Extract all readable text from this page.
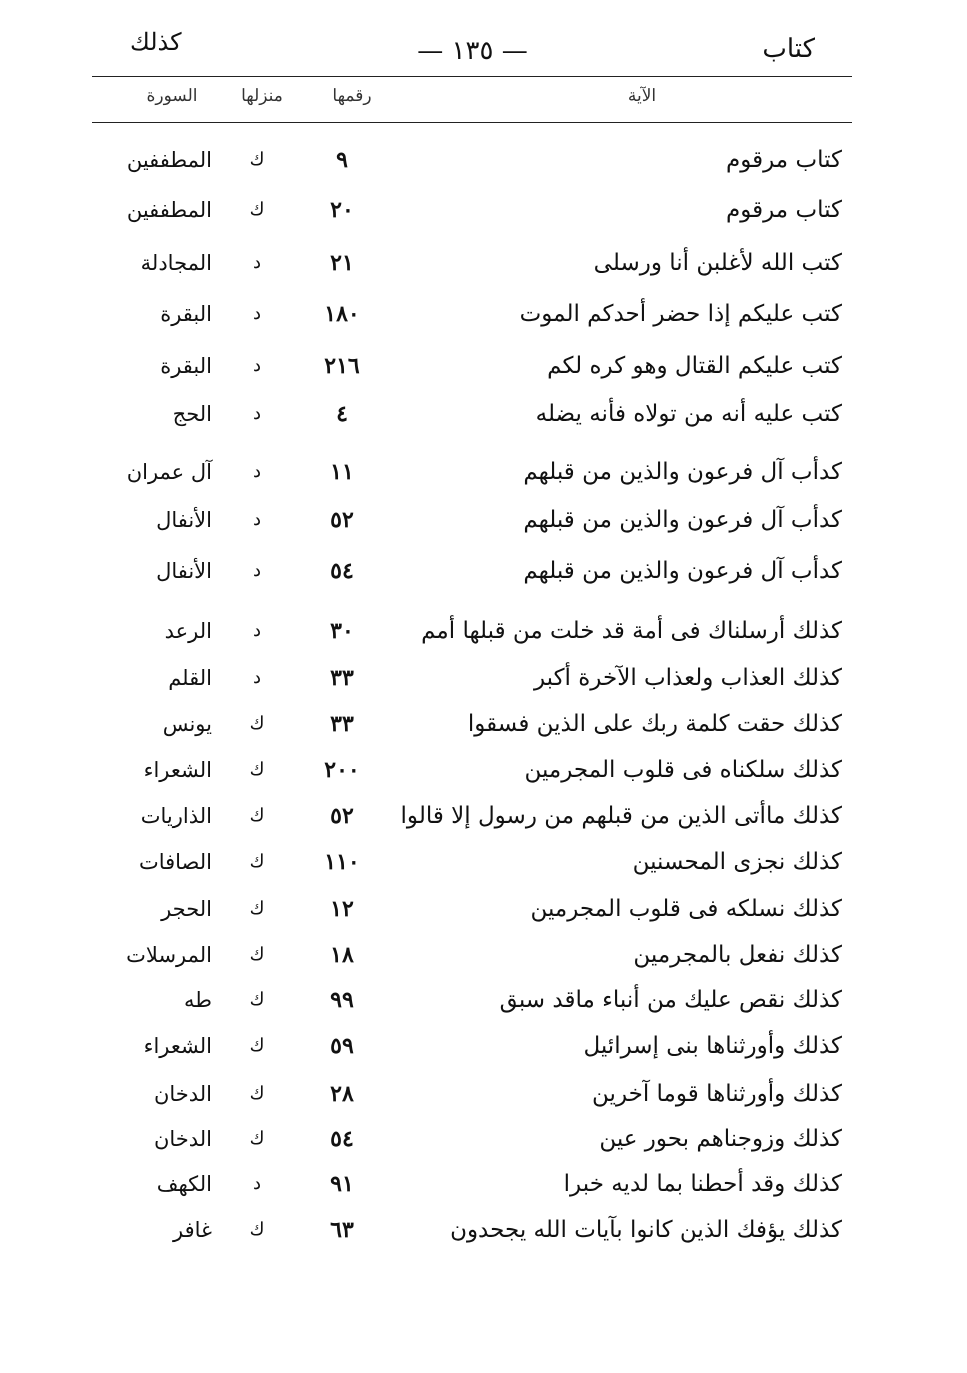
كتاب
— ١٣٥ —
كذلك
الآية
رقمها
منزلها
السورة
كتاب مرقوم
٩
ك
المطففين
كتاب مرقوم
٢٠
ك
المطففين
كتب الله لأغلبن أنا ورسلى
٢١
د
المجادلة
كتب عليكم إذا حضر أحدكم الموت
١٨٠
د
البقرة
كتب عليكم القتال وهو كره لكم
٢١٦
د
البقرة
كتب عليه أنه من تولاه فأنه يضله
٤
د
الحج
كدأب آل فرعون والذين من قبلهم
١١
د
آل عمران
كدأب آل فرعون والذين من قبلهم
٥٢
د
الأنفال
كدأب آل فرعون والذين من قبلهم
٥٤
د
الأنفال
كذلك أرسلناك فى أمة قد خلت من قبلها أمم
٣٠
د
الرعد
كذلك العذاب ولعذاب الآخرة أكبر
٣٣
د
القلم
كذلك حقت كلمة ربك على الذين فسقوا
٣٣
ك
يونس
كذلك سلكناه فى قلوب المجرمين
٢٠٠
ك
الشعراء
كذلك ماأتى الذين من قبلهم من رسول إلا قالوا
٥٢
ك
الذاريات
كذلك نجزى المحسنين
١١٠
ك
الصافات
كذلك نسلكه فى قلوب المجرمين
١٢
ك
الحجر
كذلك نفعل بالمجرمين
١٨
ك
المرسلات
كذلك نقص عليك من أنباء ماقد سبق
٩٩
ك
طه
كذلك وأورثناها بنى إسرائيل
٥٩
ك
الشعراء
كذلك وأورثناها قوما آخرين
٢٨
ك
الدخان
كذلك وزوجناهم بحور عين
٥٤
ك
الدخان
كذلك وقد أحطنا بما لديه خبرا
٩١
د
الكهف
كذلك يؤفك الذين كانوا بآيات الله يجحدون
٦٣
ك
غافر
